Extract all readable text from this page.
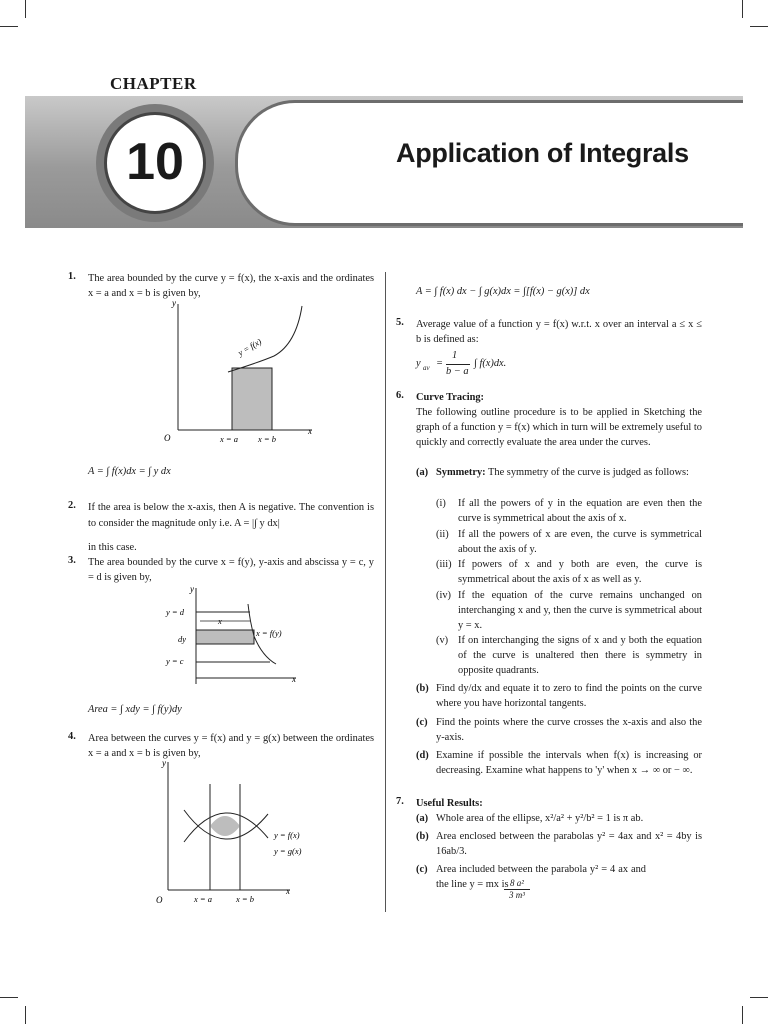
CHAPTER
10	Application of Integrals
1. The area bounded by the curve y = f(x), the x-axis and the ordinates x = a and x = b is given by,
y
x
O	x = a x = b
y = f(x)
A = ∫ f(x)dx = ∫ y dx
2. If the area is below the x-axis, then A is negative. The convention is to consider the magnitude only i.e. A = |∫ y dx|
in this case.
3. The area bounded by the curve x = f(y), y-axis and abscissa y = c, y = d is given by,
x
y
x
y = d
y = c
dy
x = f(y)
Area = ∫ xdy = ∫ f(y)dy
4. Area between the curves y = f(x) and y = g(x) between the ordinates x = a and x = b is given by,
y
x
O	x = a	x = b
y = f(x)
y = g(x)
A = ∫ f(x) dx − ∫ g(x)dx = ∫[f(x) − g(x)] dx
5. Average value of a function y = f(x) w.r.t. x over an interval a ≤ x ≤ b is defined as:
y av =
1
b − a
∫ f(x)dx.
6. Curve Tracing:
The following outline procedure is to be applied in Sketching the graph of a function y = f(x) which in turn will be extremely useful to quickly and correctly evaluate the area under the curves.
(a) Symmetry: The symmetry of the curve is judged as follows:
(i) If all the powers of y in the equation are even then the curve is symmetrical about the axis of x.
(ii) If all the powers of x are even, the curve is symmetrical about the axis of y.
(iii) If powers of x and y both are even, the curve is symmetrical about the axis of x as well as y.
(iv) If the equation of the curve remains unchanged on interchanging x and y, then the curve is symmetrical about y = x.
(v) If on interchanging the signs of x and y both the equation of the curve is unaltered then there is symmetry in opposite quadrants.
(b) Find dy/dx and equate it to zero to find the points on the curve where you have horizontal tangents.
(c) Find the points where the curve crosses the x-axis and also the y-axis.
(d) Examine if possible the intervals when f(x) is increasing or decreasing. Examine what happens to 'y' when x → ∞ or − ∞.
7. Useful Results:
(a) Whole area of the ellipse, x²/a² + y²/b² = 1 is π ab.
(b) Area enclosed between the parabolas y² = 4ax and x² = 4by is 16ab/3.
(c) Area included between the parabola y² = 4 ax and the line y = mx is
$\frac{\text{8 a²}}{\text{3 m³}}$
